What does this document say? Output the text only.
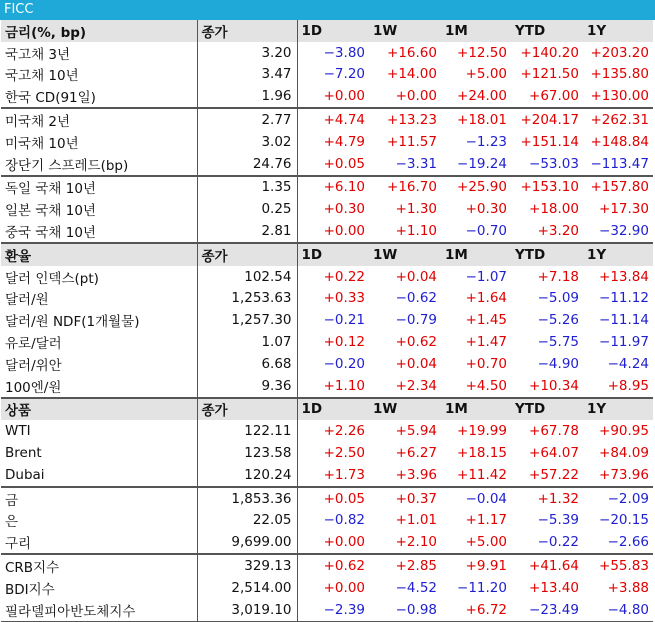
FICC
금리(%, bp)	종가	1D	1W	1M	YTD	1Y
국고채 3년	3.20	−3.80	+16.60	+12.50	+140.20	+203.20
국고채 10년	3.47	−7.20	+14.00	+5.00	+121.50	+135.80
한국 CD(91일)	1.96	+0.00	+0.00	+24.00	+67.00	+130.00
미국채 2년	2.77	+4.74	+13.23	+18.01	+204.17	+262.31
미국채 10년	3.02	+4.79	+11.57	−1.23	+151.14	+148.84
장단기 스프레드(bp)	24.76	+0.05	−3.31	−19.24	−53.03	−113.47
독일 국채 10년	1.35	+6.10	+16.70	+25.90	+153.10	+157.80
일본 국채 10년	0.25	+0.30	+1.30	+0.30	+18.00	+17.30
중국 국채 10년	2.81	+0.00	+1.10	−0.70	+3.20	−32.90
환율	종가	1D	1W	1M	YTD	1Y
달러 인덱스(pt)	102.54	+0.22	+0.04	−1.07	+7.18	+13.84
달러/원	1,253.63	+0.33	−0.62	+1.64	−5.09	−11.12
달러/원 NDF(1개월물)	1,257.30	−0.21	−0.79	+1.45	−5.26	−11.14
유로/달러	1.07	+0.12	+0.62	+1.47	−5.75	−11.97
달러/위안	6.68	−0.20	+0.04	+0.70	−4.90	−4.24
100엔/원	9.36	+1.10	+2.34	+4.50	+10.34	+8.95
상품	종가	1D	1W	1M	YTD	1Y
WTI	122.11	+2.26	+5.94	+19.99	+67.78	+90.95
Brent	123.58	+2.50	+6.27	+18.15	+64.07	+84.09
Dubai	120.24	+1.73	+3.96	+11.42	+57.22	+73.96
금	1,853.36	+0.05	+0.37	−0.04	+1.32	−2.09
은	22.05	−0.82	+1.01	+1.17	−5.39	−20.15
구리	9,699.00	+0.00	+2.10	+5.00	−0.22	−2.66
CRB지수	329.13	+0.62	+2.85	+9.91	+41.64	+55.83
BDI지수	2,514.00	+0.00	−4.52	−11.20	+13.40	+3.88
필라델피아반도체지수	3,019.10	−2.39	−0.98	+6.72	−23.49	−4.80
